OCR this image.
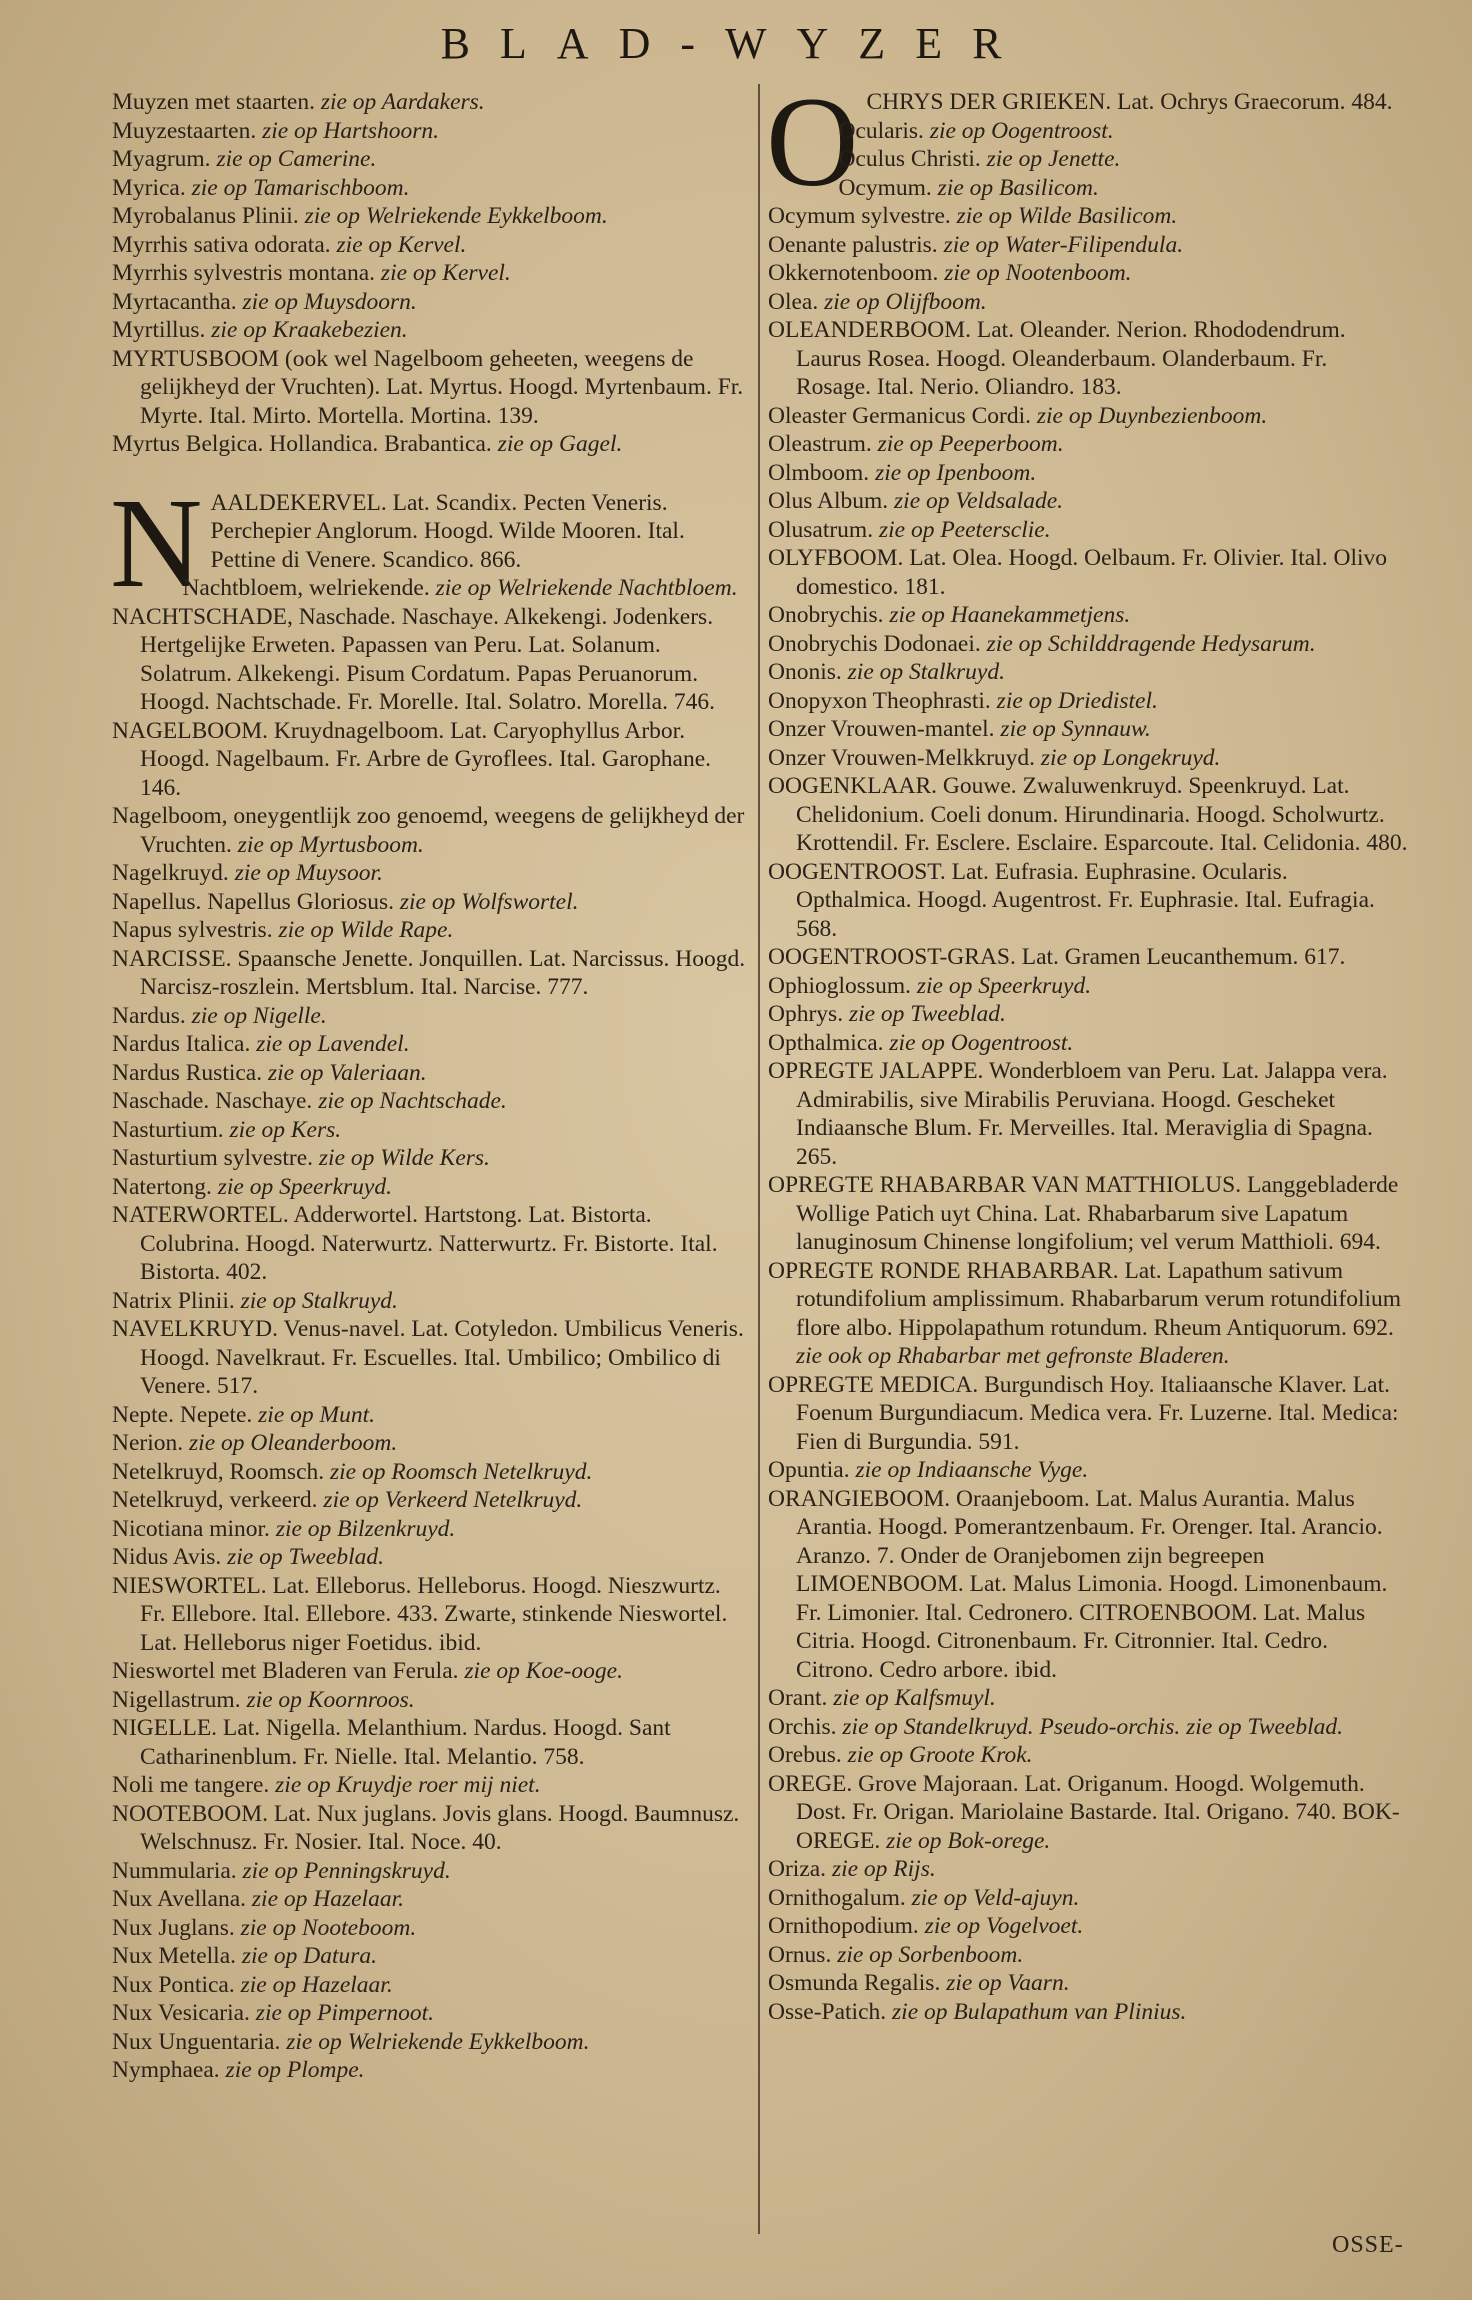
BLAD-WYZER

Muyzen met staarten. zie op Aardakers.

Muyzestaarten. zie op Hartshoorn.

Myagrum. zie op Camerine.

Myrica. zie op Tamarischboom.

Myrobalanus Plinii. zie op Welriekende Eykkelboom.

Myrrhis sativa odorata. zie op Kervel.

Myrrhis sylvestris montana. zie op Kervel.

Myrtacantha. zie op Muysdoorn.

Myrtillus. zie op Kraakebezien.

MYRTUSBOOM (ook wel Nagelboom geheeten, weegens de gelijkheyd der Vruchten). Lat. Myrtus. Hoogd. Myrtenbaum. Fr. Myrte. Ital. Mirto. Mortella. Mortina. 139.

Myrtus Belgica. Hollandica. Brabantica. zie op Gagel.

NAALDEKERVEL. Lat. Scandix. Pecten Veneris. Perchepier Anglorum. Hoogd. Wilde Mooren. Ital. Pettine di Venere. Scandico. 866.

Nachtbloem, welriekende. zie op Welriekende Nachtbloem.

NACHTSCHADE, Naschade. Naschaye. Alkekengi. Jodenkers. Hertgelijke Erweten. Papassen van Peru. Lat. Solanum. Solatrum. Alkekengi. Pisum Cordatum. Papas Peruanorum. Hoogd. Nachtschade. Fr. Morelle. Ital. Solatro. Morella. 746.

NAGELBOOM. Kruydnagelboom. Lat. Caryophyllus Arbor. Hoogd. Nagelbaum. Fr. Arbre de Gyroflees. Ital. Garophane. 146.

Nagelboom, oneygentlijk zoo genoemd, weegens de gelijkheyd der Vruchten. zie op Myrtusboom.

Nagelkruyd. zie op Muysoor.

Napellus. Napellus Gloriosus. zie op Wolfswortel.

Napus sylvestris. zie op Wilde Rape.

NARCISSE. Spaansche Jenette. Jonquillen. Lat. Narcissus. Hoogd. Narcisz-roszlein. Mertsblum. Ital. Narcise. 777.

Nardus. zie op Nigelle.

Nardus Italica. zie op Lavendel.

Nardus Rustica. zie op Valeriaan.

Naschade. Naschaye. zie op Nachtschade.

Nasturtium. zie op Kers.

Nasturtium sylvestre. zie op Wilde Kers.

Natertong. zie op Speerkruyd.

NATERWORTEL. Adderwortel. Hartstong. Lat. Bistorta. Colubrina. Hoogd. Naterwurtz. Natterwurtz. Fr. Bistorte. Ital. Bistorta. 402.

Natrix Plinii. zie op Stalkruyd.

NAVELKRUYD. Venus-navel. Lat. Cotyledon. Umbilicus Veneris. Hoogd. Navelkraut. Fr. Escuelles. Ital. Umbilico; Ombilico di Venere. 517.

Nepte. Nepete. zie op Munt.

Nerion. zie op Oleanderboom.

Netelkruyd, Roomsch. zie op Roomsch Netelkruyd.

Netelkruyd, verkeerd. zie op Verkeerd Netelkruyd.

Nicotiana minor. zie op Bilzenkruyd.

Nidus Avis. zie op Tweeblad.

NIESWORTEL. Lat. Elleborus. Helleborus. Hoogd. Nieszwurtz. Fr. Ellebore. Ital. Ellebore. 433. Zwarte, stinkende Nieswortel. Lat. Helleborus niger Foetidus. ibid.

Nieswortel met Bladeren van Ferula. zie op Koe-ooge.

Nigellastrum. zie op Koornroos.

NIGELLE. Lat. Nigella. Melanthium. Nardus. Hoogd. Sant Catharinenblum. Fr. Nielle. Ital. Melantio. 758.

Noli me tangere. zie op Kruydje roer mij niet.

NOOTEBOOM. Lat. Nux juglans. Jovis glans. Hoogd. Baumnusz. Welschnusz. Fr. Nosier. Ital. Noce. 40.

Nummularia. zie op Penningskruyd.

Nux Avellana. zie op Hazelaar.

Nux Juglans. zie op Nooteboom.

Nux Metella. zie op Datura.

Nux Pontica. zie op Hazelaar.

Nux Vesicaria. zie op Pimpernoot.

Nux Unguentaria. zie op Welriekende Eykkelboom.

Nymphaea. zie op Plompe.

OCHRYS DER GRIEKEN. Lat. Ochrys Graecorum. 484.

Ocularis. zie op Oogentroost.

Oculus Christi. zie op Jenette.

Ocymum. zie op Basilicom.

Ocymum sylvestre. zie op Wilde Basilicom.

Oenante palustris. zie op Water-Filipendula.

Okkernotenboom. zie op Nootenboom.

Olea. zie op Olijfboom.

OLEANDERBOOM. Lat. Oleander. Nerion. Rhododendrum. Laurus Rosea. Hoogd. Oleanderbaum. Olanderbaum. Fr. Rosage. Ital. Nerio. Oliandro. 183.

Oleaster Germanicus Cordi. zie op Duynbezienboom.

Oleastrum. zie op Peeperboom.

Olmboom. zie op Ipenboom.

Olus Album. zie op Veldsalade.

Olusatrum. zie op Peetersclie.

OLYFBOOM. Lat. Olea. Hoogd. Oelbaum. Fr. Olivier. Ital. Olivo domestico. 181.

Onobrychis. zie op Haanekammetjens.

Onobrychis Dodonaei. zie op Schilddragende Hedysarum.

Ononis. zie op Stalkruyd.

Onopyxon Theophrasti. zie op Driedistel.

Onzer Vrouwen-mantel. zie op Synnauw.

Onzer Vrouwen-Melkkruyd. zie op Longekruyd.

OOGENKLAAR. Gouwe. Zwaluwenkruyd. Speenkruyd. Lat. Chelidonium. Coeli donum. Hirundinaria. Hoogd. Scholwurtz. Krottendil. Fr. Esclere. Esclaire. Esparcoute. Ital. Celidonia. 480.

OOGENTROOST. Lat. Eufrasia. Euphrasine. Ocularis. Opthalmica. Hoogd. Augentrost. Fr. Euphrasie. Ital. Eufragia. 568.

OOGENTROOST-GRAS. Lat. Gramen Leucanthemum. 617.

Ophioglossum. zie op Speerkruyd.

Ophrys. zie op Tweeblad.

Opthalmica. zie op Oogentroost.

OPREGTE JALAPPE. Wonderbloem van Peru. Lat. Jalappa vera. Admirabilis, sive Mirabilis Peruviana. Hoogd. Gescheket Indiaansche Blum. Fr. Merveilles. Ital. Meraviglia di Spagna. 265.

OPREGTE RHABARBAR VAN MATTHIOLUS. Langgebladerde Wollige Patich uyt China. Lat. Rhabarbarum sive Lapatum lanuginosum Chinense longifolium; vel verum Matthioli. 694.

OPREGTE RONDE RHABARBAR. Lat. Lapathum sativum rotundifolium amplissimum. Rhabarbarum verum rotundifolium flore albo. Hippolapathum rotundum. Rheum Antiquorum. 692. zie ook op Rhabarbar met gefronste Bladeren.

OPREGTE MEDICA. Burgundisch Hoy. Italiaansche Klaver. Lat. Foenum Burgundiacum. Medica vera. Fr. Luzerne. Ital. Medica: Fien di Burgundia. 591.

Opuntia. zie op Indiaansche Vyge.

ORANGIEBOOM. Oraanjeboom. Lat. Malus Aurantia. Malus Arantia. Hoogd. Pomerantzenbaum. Fr. Orenger. Ital. Arancio. Aranzo. 7. Onder de Oranjebomen zijn begreepen LIMOENBOOM. Lat. Malus Limonia. Hoogd. Limonenbaum. Fr. Limonier. Ital. Cedronero. CITROENBOOM. Lat. Malus Citria. Hoogd. Citronenbaum. Fr. Citronnier. Ital. Cedro. Citrono. Cedro arbore. ibid.

Orant. zie op Kalfsmuyl.

Orchis. zie op Standelkruyd. Pseudo-orchis. zie op Tweeblad.

Orebus. zie op Groote Krok.

OREGE. Grove Majoraan. Lat. Origanum. Hoogd. Wolgemuth. Dost. Fr. Origan. Mariolaine Bastarde. Ital. Origano. 740. BOK-OREGE. zie op Bok-orege.

Oriza. zie op Rijs.

Ornithogalum. zie op Veld-ajuyn.

Ornithopodium. zie op Vogelvoet.

Ornus. zie op Sorbenboom.

Osmunda Regalis. zie op Vaarn.

Osse-Patich. zie op Bulapathum van Plinius.

OSSE-
